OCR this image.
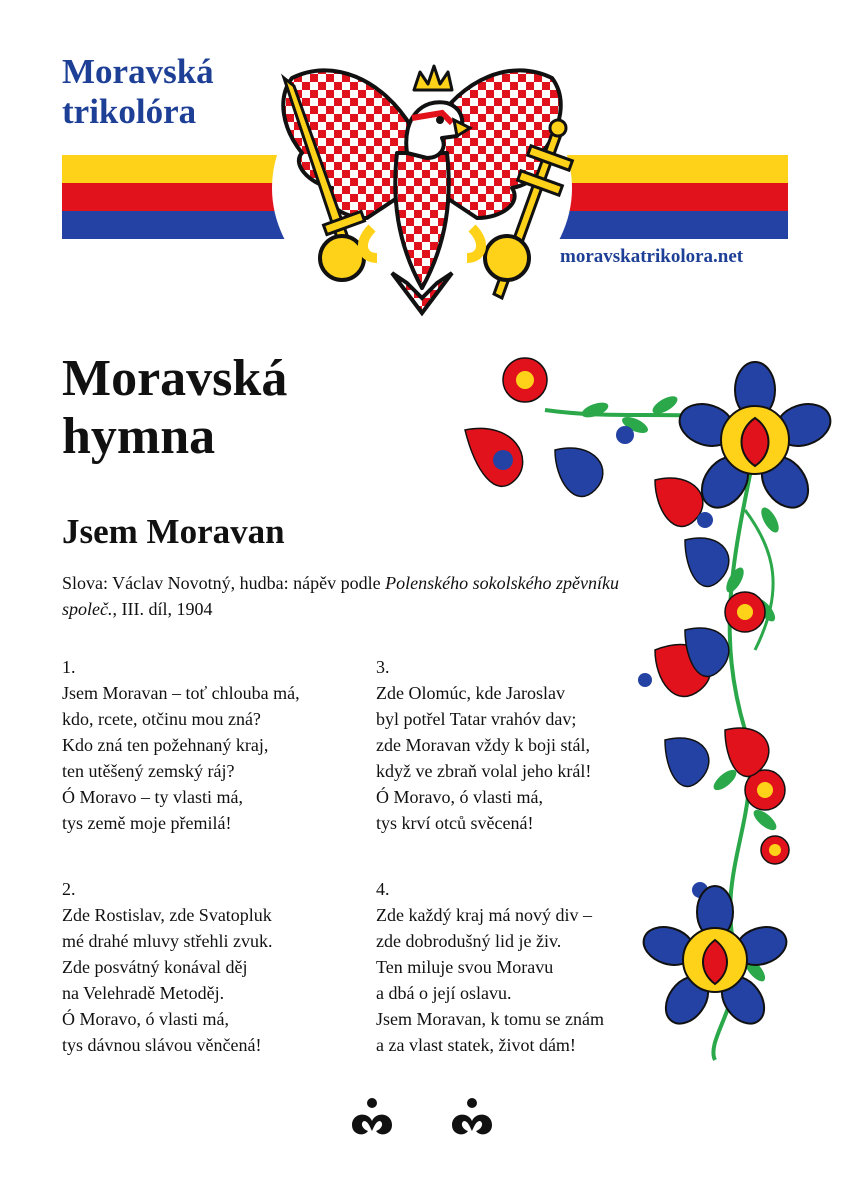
Moravská
trikolóra
moravskatrikolora.net
Moravská
hymna
Jsem Moravan
Slova: Václav Novotný, hudba: nápěv podle Polenského sokolského zpěvníku společ., III. díl, 1904
1.
Jsem Moravan – toť chlouba má,
kdo, rcete, otčinu mou zná?
Kdo zná ten požehnaný kraj,
ten utěšený zemský ráj?
Ó Moravo – ty vlasti má,
tys země moje přemilá!
2.
Zde Rostislav, zde Svatopluk
mé drahé mluvy střehli zvuk.
Zde posvátný konával děj
na Velehradě Metoděj.
Ó Moravo, ó vlasti má,
tys dávnou slávou věnčená!
3.
Zde Olomúc, kde Jaroslav
byl potřel Tatar vrahóv dav;
zde Moravan vždy k boji stál,
když ve zbraň volal jeho král!
Ó Moravo, ó vlasti má,
tys krví otců svěcená!
4.
Zde každý kraj má nový div –
zde dobrodušný lid je živ.
Ten miluje svou Moravu
a dbá o její oslavu.
Jsem Moravan, k tomu se znám
a za vlast statek, život dám!
